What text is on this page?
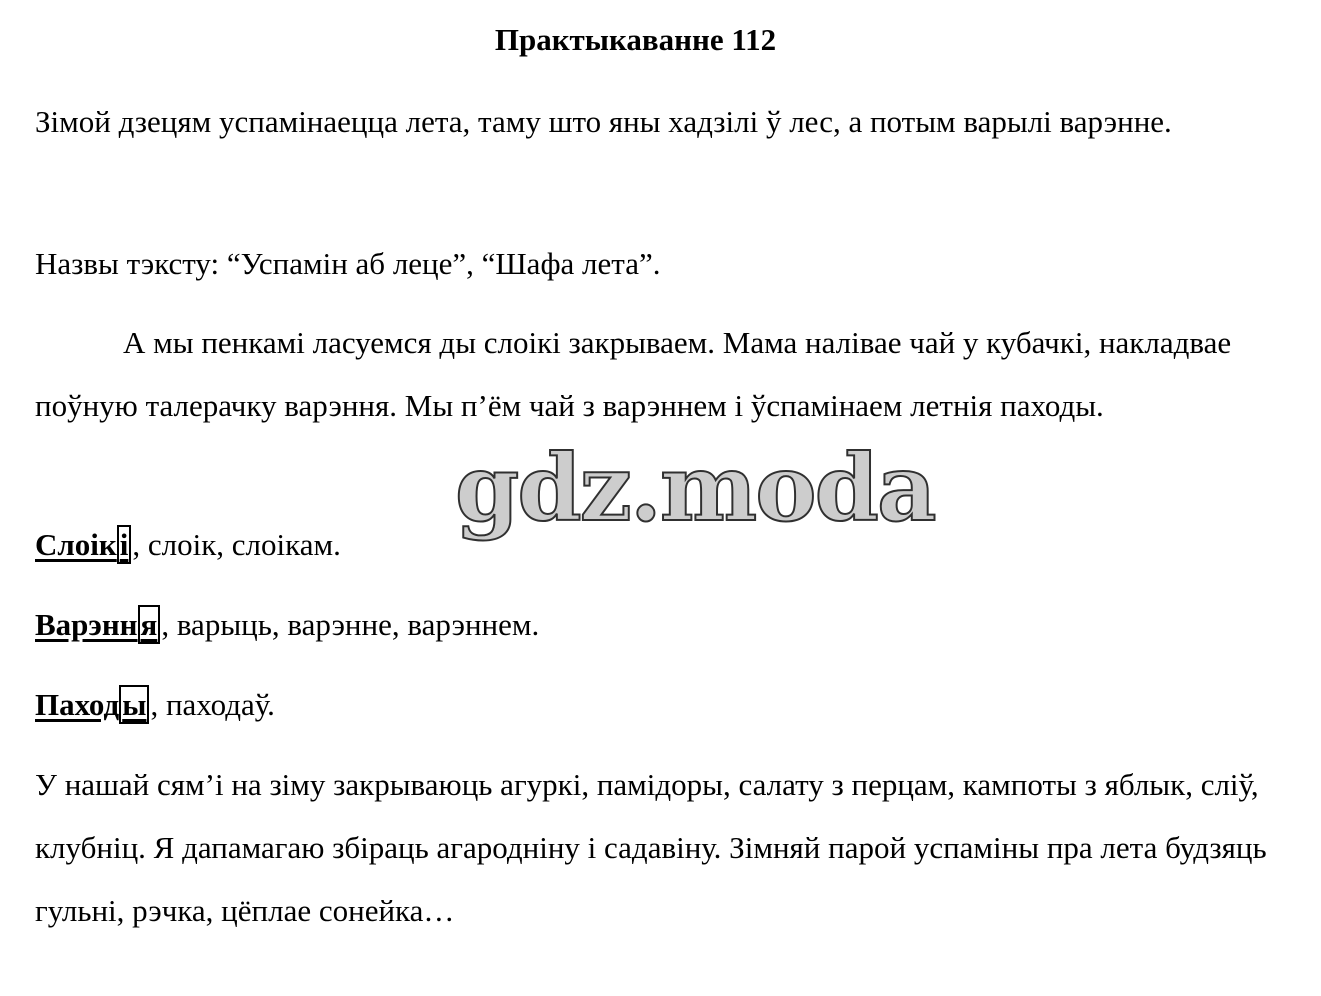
Практыкаванне 112

Зімой дзецям успамінаецца лета, таму што яны хадзілі ў лес, а потым варылі варэнне.

Назвы тэксту: “Успамін аб леце”, “Шафа лета”.

А мы пенкамі ласуемся ды слоікі закрываем. Мама налівае чай у кубачкі, накладвае поўную талерачку варэння. Мы п’ём чай з варэннем і ўспамінаем летнія паходы.

Слоікі , слоік, слоікам.

Варэння , варыць, варэнне, варэннем.

Паходы , паходаў.

У нашай сям’і на зіму закрываюць агуркі, памідоры, салату з перцам, кампоты з яблык, сліў, клубніц. Я дапамагаю збіраць агародніну і садавіну. Зімняй парой успаміны пра лета будзяць гульні, рэчка, цёплае сонейка…

gdz.moda
